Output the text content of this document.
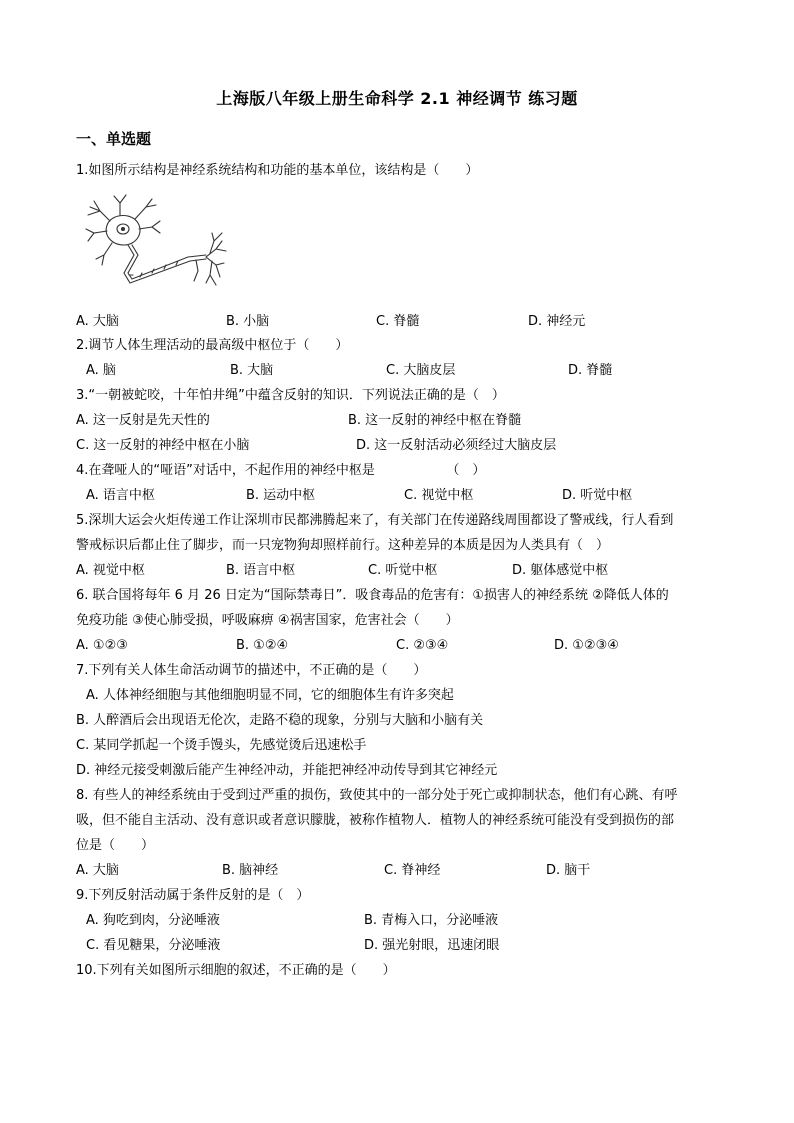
上海版八年级上册生命科学 2.1 神经调节 练习题
一、单选题
1.如图所示结构是神经系统结构和功能的基本单位，该结构是（　　）
A. 大脑	B. 小脑	C. 脊髓	D. 神经元
2.调节人体生理活动的最高级中枢位于（　　）
A. 脑	B. 大脑	C. 大脑皮层	D. 脊髓
3.“一朝被蛇咬，十年怕井绳”中蕴含反射的知识．下列说法正确的是（　）
A. 这一反射是先天性的	B. 这一反射的神经中枢在脊髓
C. 这一反射的神经中枢在小脑	D. 这一反射活动必须经过大脑皮层
4.在聋哑人的“哑语”对话中，不起作用的神经中枢是　　　　　　（　）
A. 语言中枢	B. 运动中枢	C. 视觉中枢	D. 听觉中枢
5.深圳大运会火炬传递工作让深圳市民都沸腾起来了，有关部门在传递路线周围都设了警戒线，行人看到
警戒标识后都止住了脚步，而一只宠物狗却照样前行。这种差异的本质是因为人类具有（　）
A. 视觉中枢	B. 语言中枢	C. 听觉中枢	D. 躯体感觉中枢
6. 联合国将每年 6 月 26 日定为“国际禁毒日”．吸食毒品的危害有：①损害人的神经系统 ②降低人体的
免疫功能 ③使心肺受损，呼吸麻痹 ④祸害国家，危害社会（　　）
A. ①②③	B. ①②④	C. ②③④	D. ①②③④
7.下列有关人体生命活动调节的描述中，不正确的是（　　）
A. 人体神经细胞与其他细胞明显不同，它的细胞体生有许多突起
B. 人醉酒后会出现语无伦次，走路不稳的现象，分别与大脑和小脑有关
C. 某同学抓起一个烫手馒头，先感觉烫后迅速松手
D. 神经元接受刺激后能产生神经冲动，并能把神经冲动传导到其它神经元
8. 有些人的神经系统由于受到过严重的损伤，致使其中的一部分处于死亡或抑制状态，他们有心跳、有呼
吸，但不能自主活动、没有意识或者意识朦胧，被称作植物人．植物人的神经系统可能没有受到损伤的部
位是（　　）
A. 大脑	B. 脑神经	C. 脊神经	D. 脑干
9.下列反射活动属于条件反射的是（　）
A. 狗吃到肉，分泌唾液	B. 青梅入口，分泌唾液
C. 看见糖果，分泌唾液	D. 强光射眼，迅速闭眼
10.下列有关如图所示细胞的叙述，不正确的是（　　）
